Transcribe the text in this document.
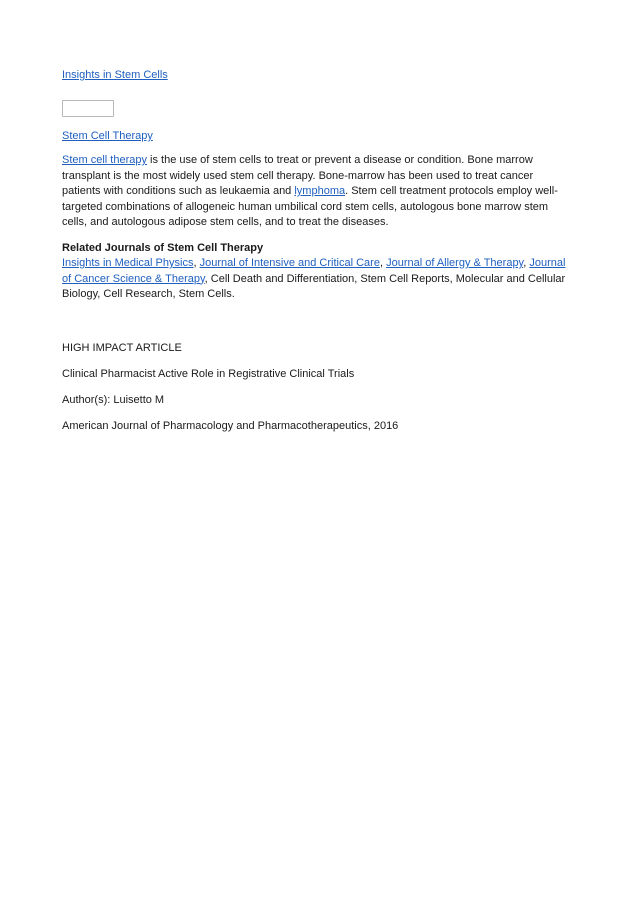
Insights in Stem Cells
Stem Cell Therapy
Stem cell therapy is the use of stem cells to treat or prevent a disease or condition. Bone marrow transplant is the most widely used stem cell therapy. Bone-marrow has been used to treat cancer patients with conditions such as leukaemia and lymphoma. Stem cell treatment protocols employ well-targeted combinations of allogeneic human umbilical cord stem cells, autologous bone marrow stem cells, and autologous adipose stem cells, and to treat the diseases.
Related Journals of Stem Cell Therapy
Insights in Medical Physics, Journal of Intensive and Critical Care, Journal of Allergy & Therapy, Journal of Cancer Science & Therapy, Cell Death and Differentiation, Stem Cell Reports, Molecular and Cellular Biology, Cell Research, Stem Cells.
HIGH IMPACT ARTICLE
Clinical Pharmacist Active Role in Registrative Clinical Trials
Author(s): Luisetto M
American Journal of Pharmacology and Pharmacotherapeutics, 2016
